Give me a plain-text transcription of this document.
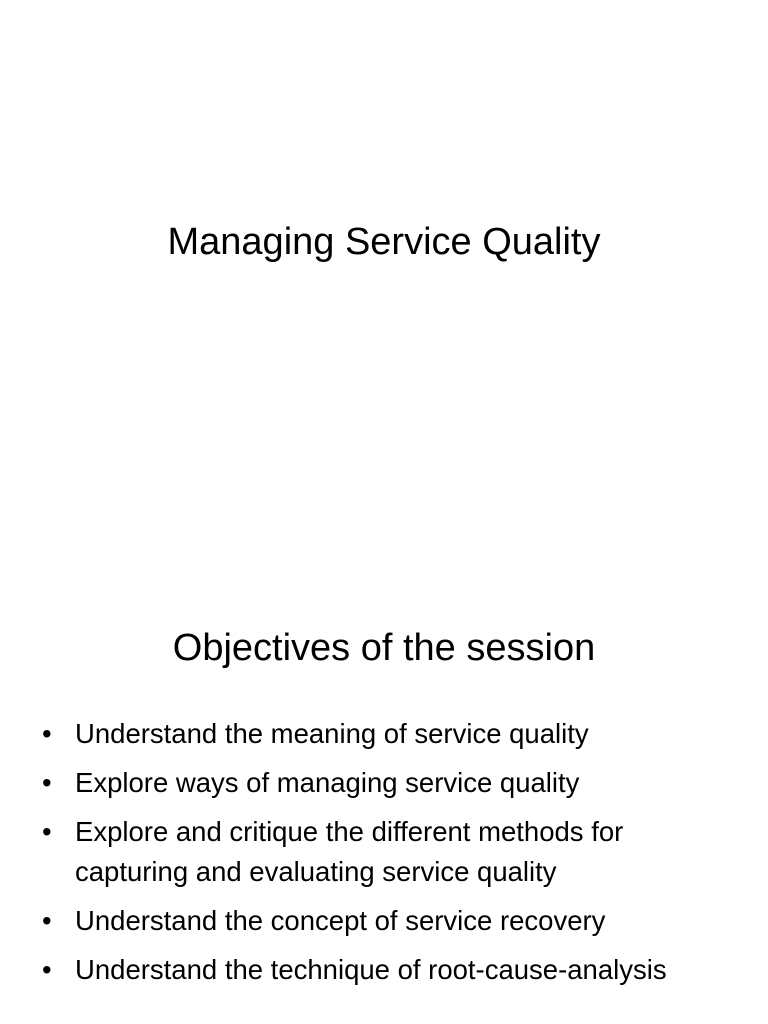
Managing Service Quality
Objectives of the session
• Understand the meaning of service quality
• Explore ways of managing service quality
• Explore and critique the different methods for capturing and evaluating service quality
• Understand the concept of service recovery
• Understand the technique of root-cause-analysis
